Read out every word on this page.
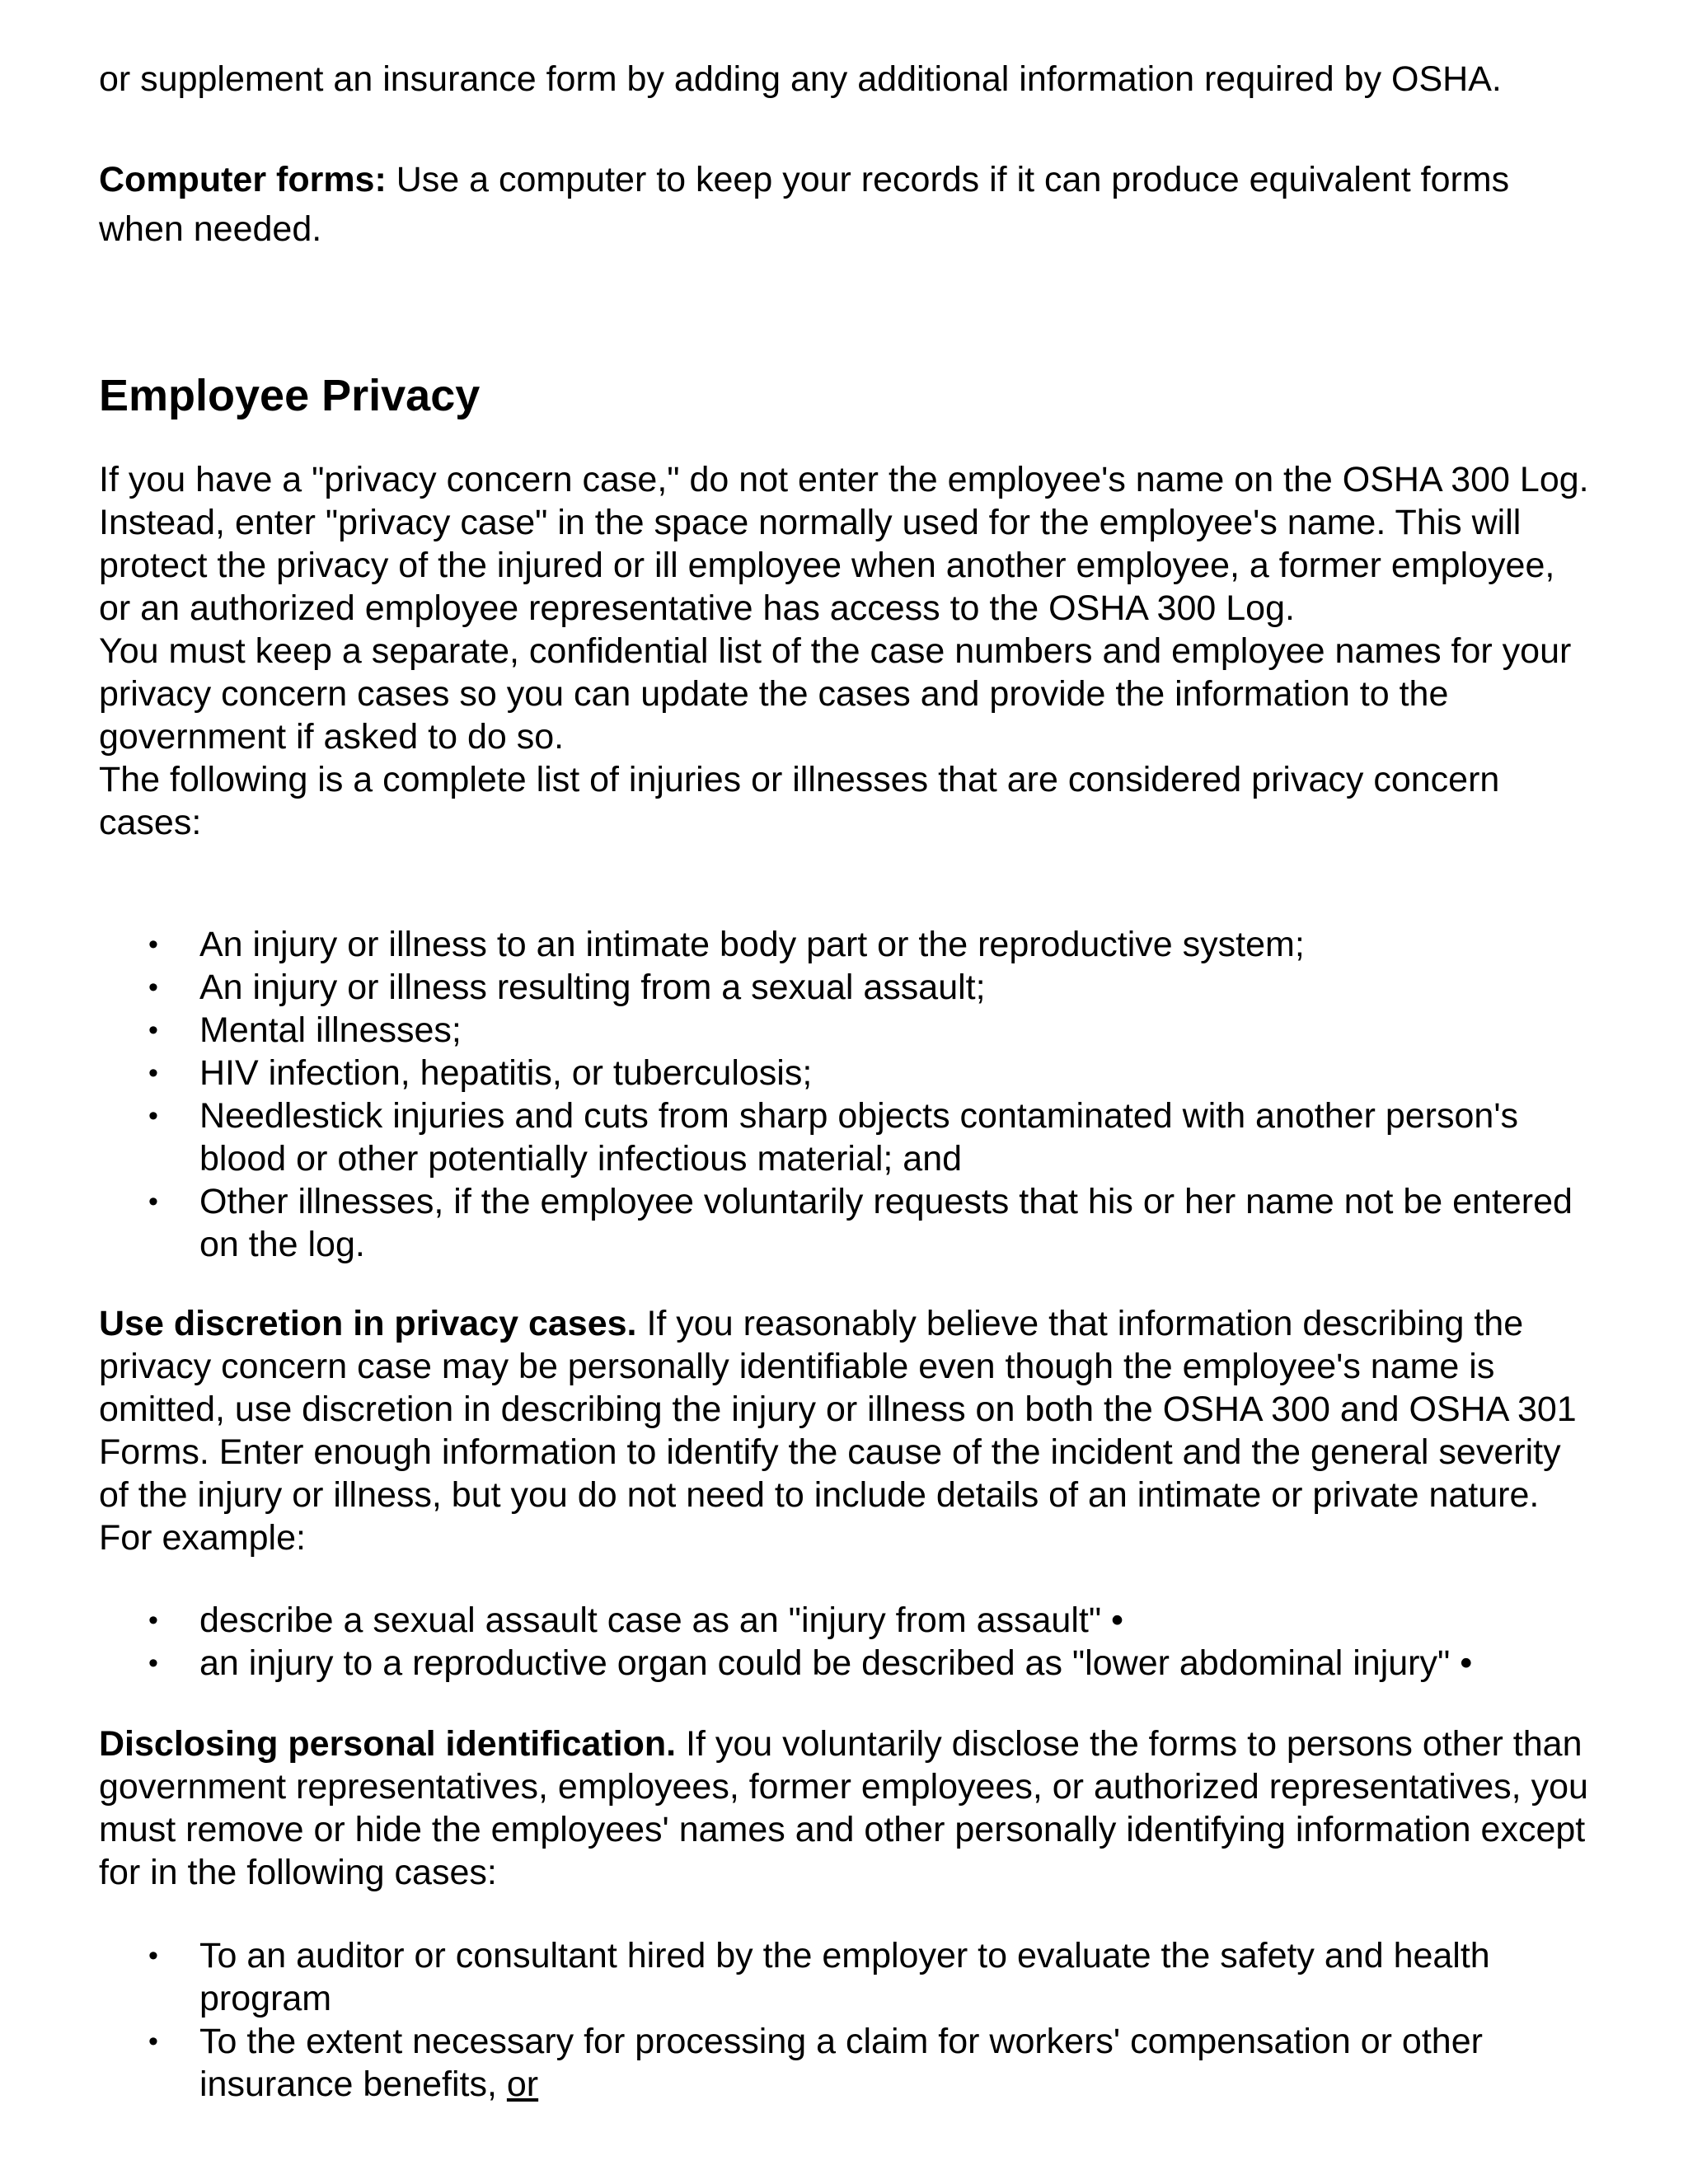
or supplement an insurance form by adding any additional information required by OSHA.

Computer forms: Use a computer to keep your records if it can produce equivalent forms when needed.

Employee Privacy

If you have a "privacy concern case," do not enter the employee's name on the OSHA 300 Log. Instead, enter "privacy case" in the space normally used for the employee's name. This will protect the privacy of the injured or ill employee when another employee, a former employee, or an authorized employee representative has access to the OSHA 300 Log.

You must keep a separate, confidential list of the case numbers and employee names for your privacy concern cases so you can update the cases and provide the information to the government if asked to do so.

The following is a complete list of injuries or illnesses that are considered privacy concern cases:

• An injury or illness to an intimate body part or the reproductive system;
• An injury or illness resulting from a sexual assault;
• Mental illnesses;
• HIV infection, hepatitis, or tuberculosis;
• Needlestick injuries and cuts from sharp objects contaminated with another person's blood or other potentially infectious material; and
• Other illnesses, if the employee voluntarily requests that his or her name not be entered on the log.

Use discretion in privacy cases. If you reasonably believe that information describing the privacy concern case may be personally identifiable even though the employee's name is omitted, use discretion in describing the injury or illness on both the OSHA 300 and OSHA 301 Forms. Enter enough information to identify the cause of the incident and the general severity of the injury or illness, but you do not need to include details of an intimate or private nature. For example:

• describe a sexual assault case as an "injury from assault" •
• an injury to a reproductive organ could be described as "lower abdominal injury" •

Disclosing personal identification. If you voluntarily disclose the forms to persons other than government representatives, employees, former employees, or authorized representatives, you must remove or hide the employees' names and other personally identifying information except for in the following cases:

• To an auditor or consultant hired by the employer to evaluate the safety and health program
• To the extent necessary for processing a claim for workers' compensation or other insurance benefits, or
